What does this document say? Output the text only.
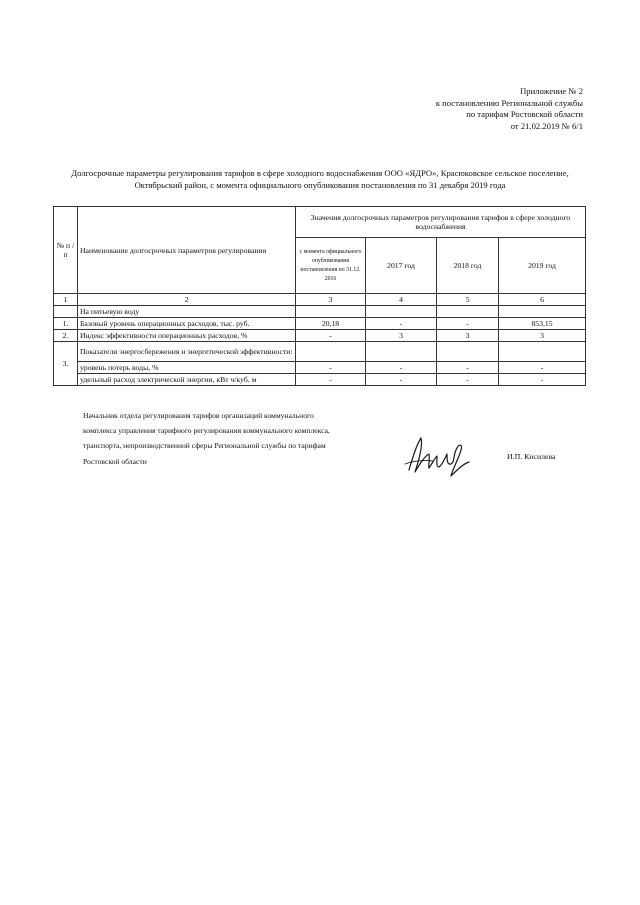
Приложение № 2
к постановлению Региональной службы
по тарифам Ростовской области
от 21.02.2019 № 6/1
Долгосрочные параметры регулирования тарифов в сфере холодного водоснабжения ООО «ЯДРО», Красюковское сельское поселение,
Октябрьский район, с момента официального опубликования постановления по 31 декабря 2019 года
№ п /п	Наименование долгосрочных параметров регулирования	Значения долгосрочных параметров регулирования тарифов в сфере холодного водоснабжения			
		с момента официального опубликования постановления по 31.12. 2016	2017 год	2018 год	2019 год
1	2	3	4	5	6
	На питьевую воду				
1.	Базовый уровень операционных расходов, тыс. руб.	20,18	-	-	853,15
2.	Индекс эффективности операционных расходов, %	-	3	3	3
3.	Показатели энергосбережения и энергетической эффективности:				
	уровень потерь воды, %	-	-	-	-
	удельный расход электрической энергии, кВт ч/куб. м	-	-	-	-
Начальник отдела регулирования тарифов организаций коммунального
комплекса управления тарифного регулирования коммунального комплекса,
транспорта, непроизводственной сферы Региональной службы по тарифам
Ростовской области
И.П. Кисилева
